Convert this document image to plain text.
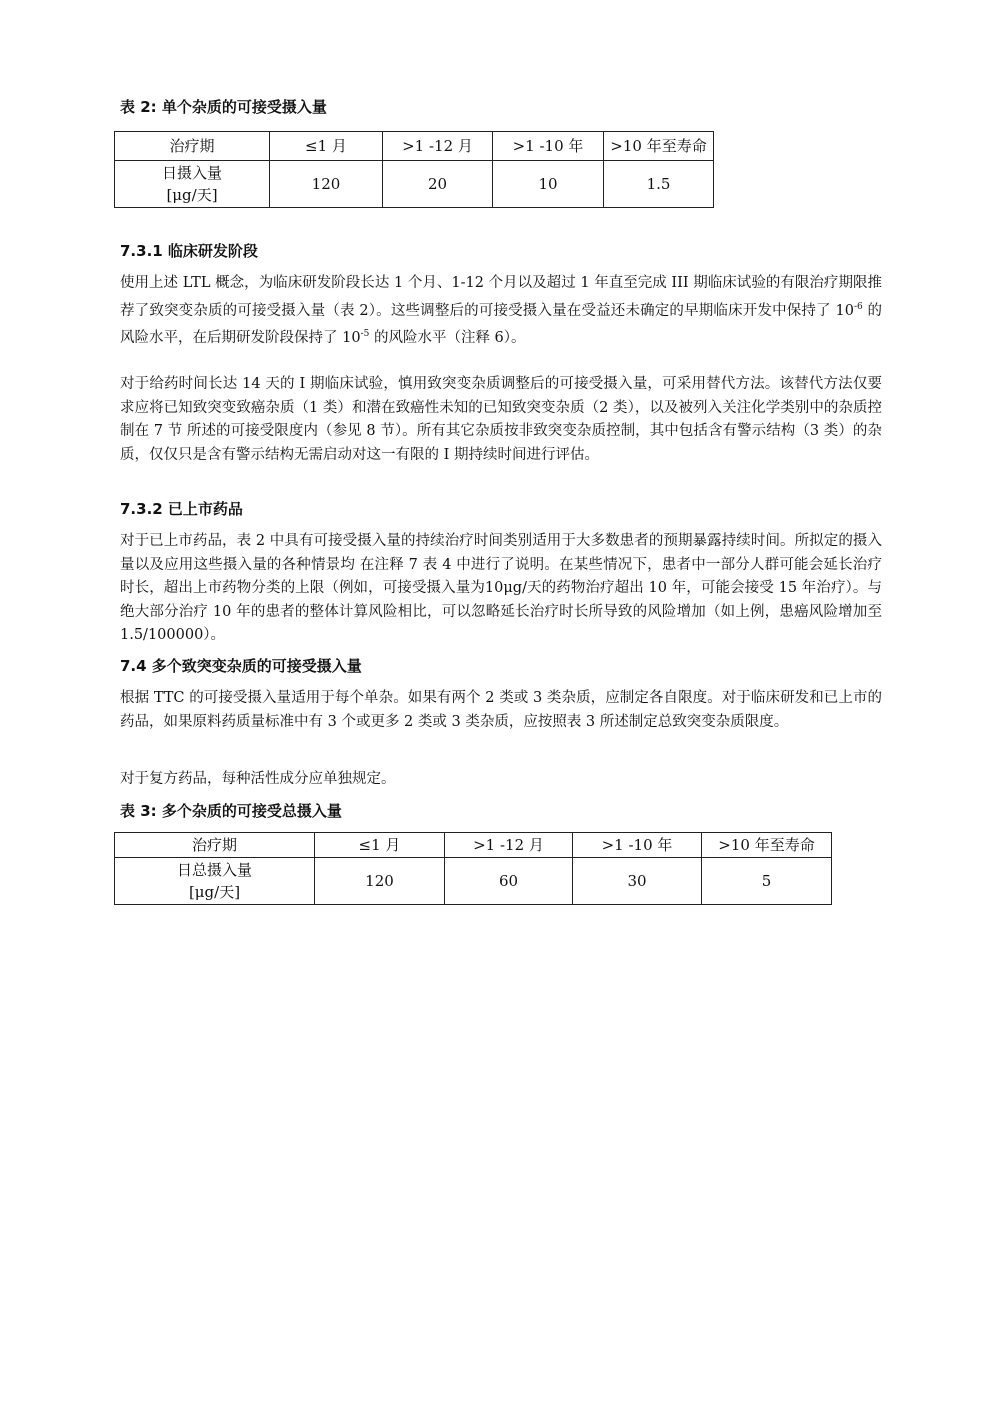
表 2: 单个杂质的可接受摄入量

治疗期	≤1 月	>1 -12 月	>1 -10 年	>10 年至寿命

日摄入量
[μg/天]	120	20	10	1.5

7.3.1 临床研发阶段

使用上述 LTL 概念，为临床研发阶段长达 1 个月、1-12 个月以及超过 1 年直至完成 III 期临床试验的有限治疗期限推荐了致突变杂质的可接受摄入量（表 2）。这些调整后的可接受摄入量在受益还未确定的早期临床开发中保持了 $10^{-6}$ 的风险水平，在后期研发阶段保持了 $10^{-5}$ 的风险水平（注释 6）。

对于给药时间长达 14 天的 I 期临床试验，慎用致突变杂质调整后的可接受摄入量，可采用替代方法。该替代方法仅要求应将已知致突变致癌杂质（1 类）和潜在致癌性未知的已知致突变杂质（2 类），以及被列入关注化学类别中的杂质控制在 7 节 所述的可接受限度内（参见 8 节）。所有其它杂质按非致突变杂质控制，其中包括含有警示结构（3 类）的杂质，仅仅只是含有警示结构无需启动对这一有限的 I 期持续时间进行评估。

7.3.2 已上市药品

对于已上市药品，表 2 中具有可接受摄入量的持续治疗时间类别适用于大多数患者的预期暴露持续时间。所拟定的摄入量以及应用这些摄入量的各种情景均 在注释 7 表 4 中进行了说明。在某些情况下，患者中一部分人群可能会延长治疗时长，超出上市药物分类的上限（例如，可接受摄入量为10μg/天的药物治疗超出 10 年，可能会接受 15 年治疗）。与绝大部分治疗 10 年的患者的整体计算风险相比，可以忽略延长治疗时长所导致的风险增加（如上例，患癌风险增加至 1.5/100000）。

7.4 多个致突变杂质的可接受摄入量

根据 TTC 的可接受摄入量适用于每个单杂。如果有两个 2 类或 3 类杂质，应制定各自限度。对于临床研发和已上市的药品，如果原料药质量标准中有 3 个或更多 2 类或 3 类杂质，应按照表 3 所述制定总致突变杂质限度。

对于复方药品，每种活性成分应单独规定。

表 3: 多个杂质的可接受总摄入量

治疗期	≤1 月	>1 -12 月	>1 -10 年	>10 年至寿命

日总摄入量
[μg/天]	120	60	30	5
